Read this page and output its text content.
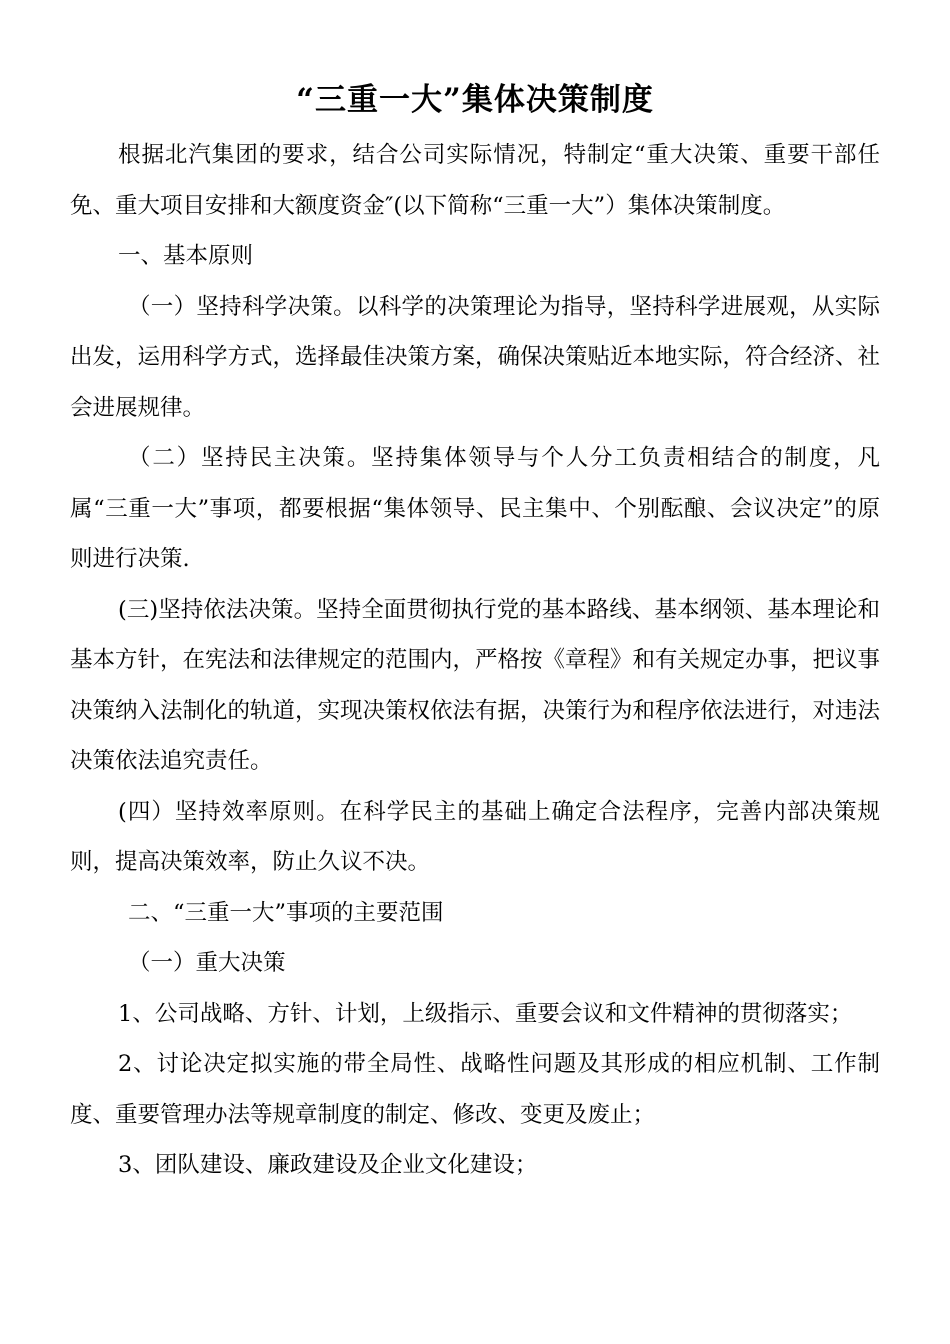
“三重一大”集体决策制度

根据北汽集团的要求，结合公司实际情况，特制定“重大决策、重要干部任免、重大项目安排和大额度资金″(以下简称“三重一大”）集体决策制度。

一、基本原则

（一）坚持科学决策。以科学的决策理论为指导，坚持科学进展观，从实际出发，运用科学方式，选择最佳决策方案，确保决策贴近本地实际，符合经济、社会进展规律。

（二）坚持民主决策。坚持集体领导与个人分工负责相结合的制度，凡属“三重一大”事项，都要根据“集体领导、民主集中、个别酝酿、会议决定”的原则进行决策.

(三)坚持依法决策。坚持全面贯彻执行党的基本路线、基本纲领、基本理论和基本方针，在宪法和法律规定的范围内，严格按《章程》和有关规定办事，把议事决策纳入法制化的轨道，实现决策权依法有据，决策行为和程序依法进行，对违法决策依法追究责任。

(四）坚持效率原则。在科学民主的基础上确定合法程序，完善内部决策规则，提高决策效率，防止久议不决。

二、“三重一大”事项的主要范围

（一）重大决策

1、公司战略、方针、计划，上级指示、重要会议和文件精神的贯彻落实；

2、讨论决定拟实施的带全局性、战略性问题及其形成的相应机制、工作制度、重要管理办法等规章制度的制定、修改、变更及废止；

3、团队建设、廉政建设及企业文化建设；
